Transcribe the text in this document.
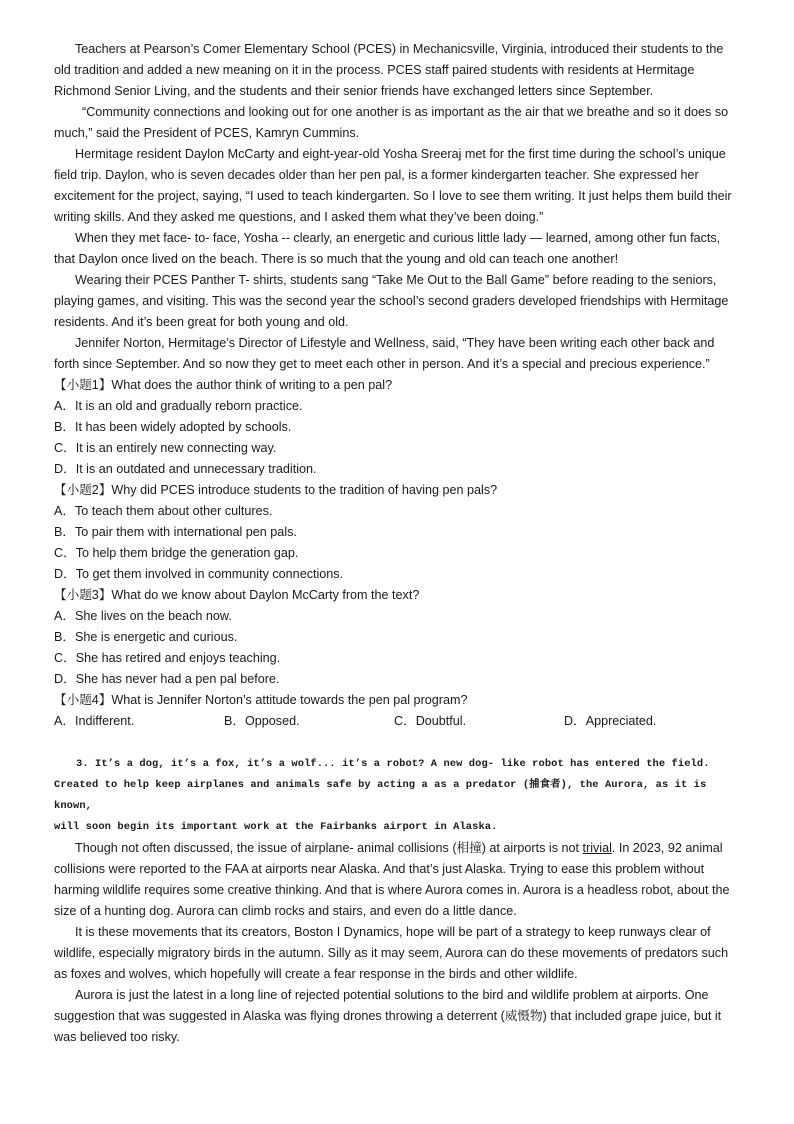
Teachers at Pearson’s Comer Elementary School (PCES) in Mechanicsville, Virginia, introduced their students to the old tradition and added a new meaning on it in the process. PCES staff paired students with residents at Hermitage Richmond Senior Living, and the students and their senior friends have exchanged letters since September.

“Community connections and looking out for one another is as important as the air that we breathe and so it does so much,” said the President of PCES, Kamryn Cummins.

Hermitage resident Daylon McCarty and eight-year-old Yosha Sreeraj met for the first time during the school’s unique field trip. Daylon, who is seven decades older than her pen pal, is a former kindergarten teacher. She expressed her excitement for the project, saying, “I used to teach kindergarten. So I love to see them writing. It just helps them build their writing skills. And they asked me questions, and I asked them what they’ve been doing.”

When they met face- to- face, Yosha -- clearly, an energetic and curious little lady — learned, among other fun facts, that Daylon once lived on the beach. There is so much that the young and old can teach one another!

Wearing their PCES Panther T- shirts, students sang “Take Me Out to the Ball Game” before reading to the seniors, playing games, and visiting. This was the second year the school’s second graders developed friendships with Hermitage residents. And it’s been great for both young and old.

Jennifer Norton, Hermitage’s Director of Lifestyle and Wellness, said, “They have been writing each other back and forth since September. And so now they get to meet each other in person. And it’s a special and precious experience.”

【小题1】What does the author think of writing to a pen pal?

A．It is an old and gradually reborn practice.

B．It has been widely adopted by schools.

C．It is an entirely new connecting way.

D．It is an outdated and unnecessary tradition.

【小题2】Why did PCES introduce students to the tradition of having pen pals?

A．To teach them about other cultures.

B．To pair them with international pen pals.

C．To help them bridge the generation gap.

D．To get them involved in community connections.

【小题3】What do we know about Daylon McCarty from the text?

A．She lives on the beach now.

B．She is energetic and curious.

C．She has retired and enjoys teaching.

D．She has never had a pen pal before.

【小题4】What is Jennifer Norton’s attitude towards the pen pal program?

A．Indifferent.	B．Opposed.	C．Doubtful.	D．Appreciated.

3. It’s a dog, it’s a fox, it’s a wolf... it’s a robot? A new dog- like robot has entered the field.

Created to help keep airplanes and animals safe by acting a as a predator (捕食者), the Aurora, as it is known,

will soon begin its important work at the Fairbanks airport in Alaska.

Though not often discussed, the issue of airplane- animal collisions (相撞) at airports is not trivial. In 2023, 92 animal collisions were reported to the FAA at airports near Alaska. And that’s just Alaska. Trying to ease this problem without harming wildlife requires some creative thinking. And that is where Aurora comes in. Aurora is a headless robot, about the size of a hunting dog. Aurora can climb rocks and stairs, and even do a little dance.

It is these movements that its creators, Boston I Dynamics, hope will be part of a strategy to keep runways clear of wildlife, especially migratory birds in the autumn. Silly as it may seem, Aurora can do these movements of predators such as foxes and wolves, which hopefully will create a fear response in the birds and other wildlife.

Aurora is just the latest in a long line of rejected potential solutions to the bird and wildlife problem at airports. One suggestion that was suggested in Alaska was flying drones throwing a deterrent (威慑物) that included grape juice, but it was believed too risky.
